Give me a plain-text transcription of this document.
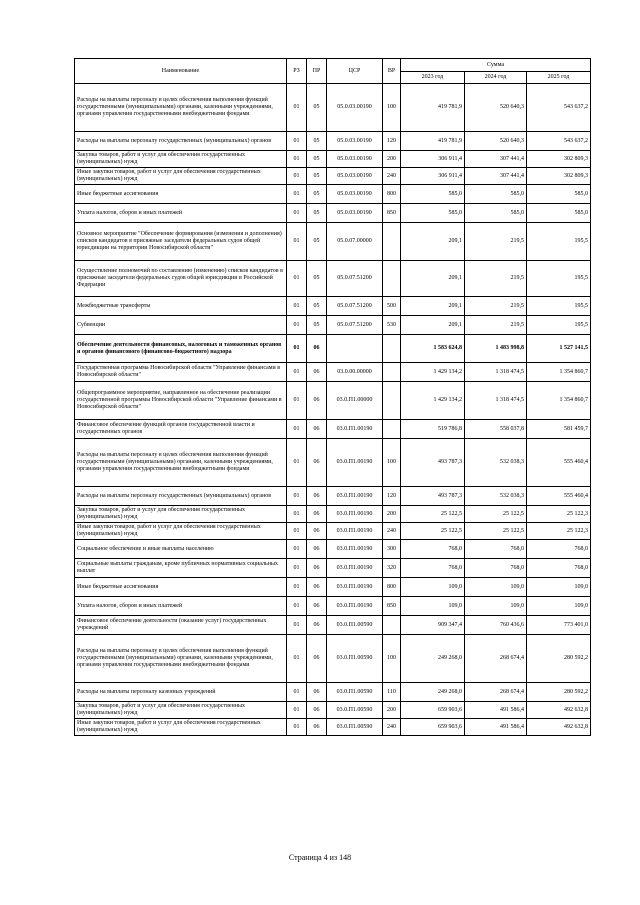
Наименование	РЗ	ПР	ЦСР	ВР	Сумма		
					2023 год	2024 год	2025 год
Расходы на выплаты персоналу в целях обеспечения выполнения функций государственными (муниципальными) органами, казенными учреждениями, органами управления государственными внебюджетными фондами	01	05	05.0.03.00190	100	419 781,9	520 640,3	543 637,2
Расходы на выплаты персоналу государственных (муниципальных) органов	01	05	05.0.03.00190	120	419 781,9	520 640,3	543 637,2
Закупка товаров, работ и услуг для обеспечения государственных (муниципальных) нужд	01	05	05.0.03.00190	200	306 911,4	307 441,4	302 809,3
Иные закупки товаров, работ и услуг для обеспечения государственных (муниципальных) нужд	01	05	05.0.03.00190	240	306 911,4	307 441,4	302 809,3
Иные бюджетные ассигнования	01	05	05.0.03.00190	800	585,0	585,0	585,0
Уплата налогов, сборов и иных платежей	01	05	05.0.03.00190	850	585,0	585,0	585,0
Основное мероприятие "Обеспечение формирования (изменения и дополнения) списков кандидатов в присяжные заседатели федеральных судов общей юрисдикции на территории Новосибирской области"	01	05	05.0.07.00000		209,1	219,5	195,5
Осуществление полномочий по составлению (изменению) списков кандидатов в присяжные заседатели федеральных судов общей юрисдикции в Российской Федерации	01	05	05.0.07.51200		209,1	219,5	195,5
Межбюджетные трансферты	01	05	05.0.07.51200	500	209,1	219,5	195,5
Субвенции	01	05	05.0.07.51200	530	209,1	219,5	195,5
Обеспечение деятельности финансовых, налоговых и таможенных органов и органов финансового (финансово-бюджетного) надзора	01	06			1 583 624,8	1 483 998,8	1 527 141,5
Государственная программа Новосибирской области "Управление финансами в Новосибирской области"	01	06	03.0.00.00000		1 429 134,2	1 318 474,5	1 354 860,7
Общепрограммное мероприятие, направленное на обеспечение реализации государственной программы Новосибирской области "Управление финансами в Новосибирской области"	01	06	03.0.П1.00000		1 429 134,2	1 318 474,5	1 354 860,7
Финансовое обеспечение функций органов государственной власти и государственных органов	01	06	03.0.П1.00190		519 786,8	558 037,8	581 459,7
Расходы на выплаты персоналу в целях обеспечения выполнения функций государственными (муниципальными) органами, казенными учреждениями, органами управления государственными внебюджетными фондами	01	06	03.0.П1.00190	100	493 787,3	532 038,3	555 460,4
Расходы на выплаты персоналу государственных (муниципальных) органов	01	06	03.0.П1.00190	120	493 787,3	532 038,3	555 460,4
Закупка товаров, работ и услуг для обеспечения государственных (муниципальных) нужд	01	06	03.0.П1.00190	200	25 122,5	25 122,5	25 122,3
Иные закупки товаров, работ и услуг для обеспечения государственных (муниципальных) нужд	01	06	03.0.П1.00190	240	25 122,5	25 122,5	25 122,3
Социальное обеспечение и иные выплаты населению	01	06	03.0.П1.00190	300	768,0	768,0	768,0
Социальные выплаты гражданам, кроме публичных нормативных социальных выплат	01	06	03.0.П1.00190	320	768,0	768,0	768,0
Иные бюджетные ассигнования	01	06	03.0.П1.00190	800	109,0	109,0	109,0
Уплата налогов, сборов и иных платежей	01	06	03.0.П1.00190	850	109,0	109,0	109,0
Финансовое обеспечение деятельности (оказание услуг) государственных учреждений	01	06	03.0.П1.00590		909 347,4	760 436,6	773 401,0
Расходы на выплаты персоналу в целях обеспечения выполнения функций государственными (муниципальными) органами, казенными учреждениями, органами управления государственными внебюджетными фондами	01	06	03.0.П1.00590	100	249 268,0	268 674,4	280 592,2
Расходы на выплаты персоналу казенных учреждений	01	06	03.0.П1.00590	110	249 268,0	268 674,4	280 592,2
Закупка товаров, работ и услуг для обеспечения государственных (муниципальных) нужд	01	06	03.0.П1.00590	200	659 903,6	491 586,4	492 632,8
Иные закупки товаров, работ и услуг для обеспечения государственных (муниципальных) нужд	01	06	03.0.П1.00590	240	659 903,6	491 586,4	492 632,8
Страница 4 из 148
